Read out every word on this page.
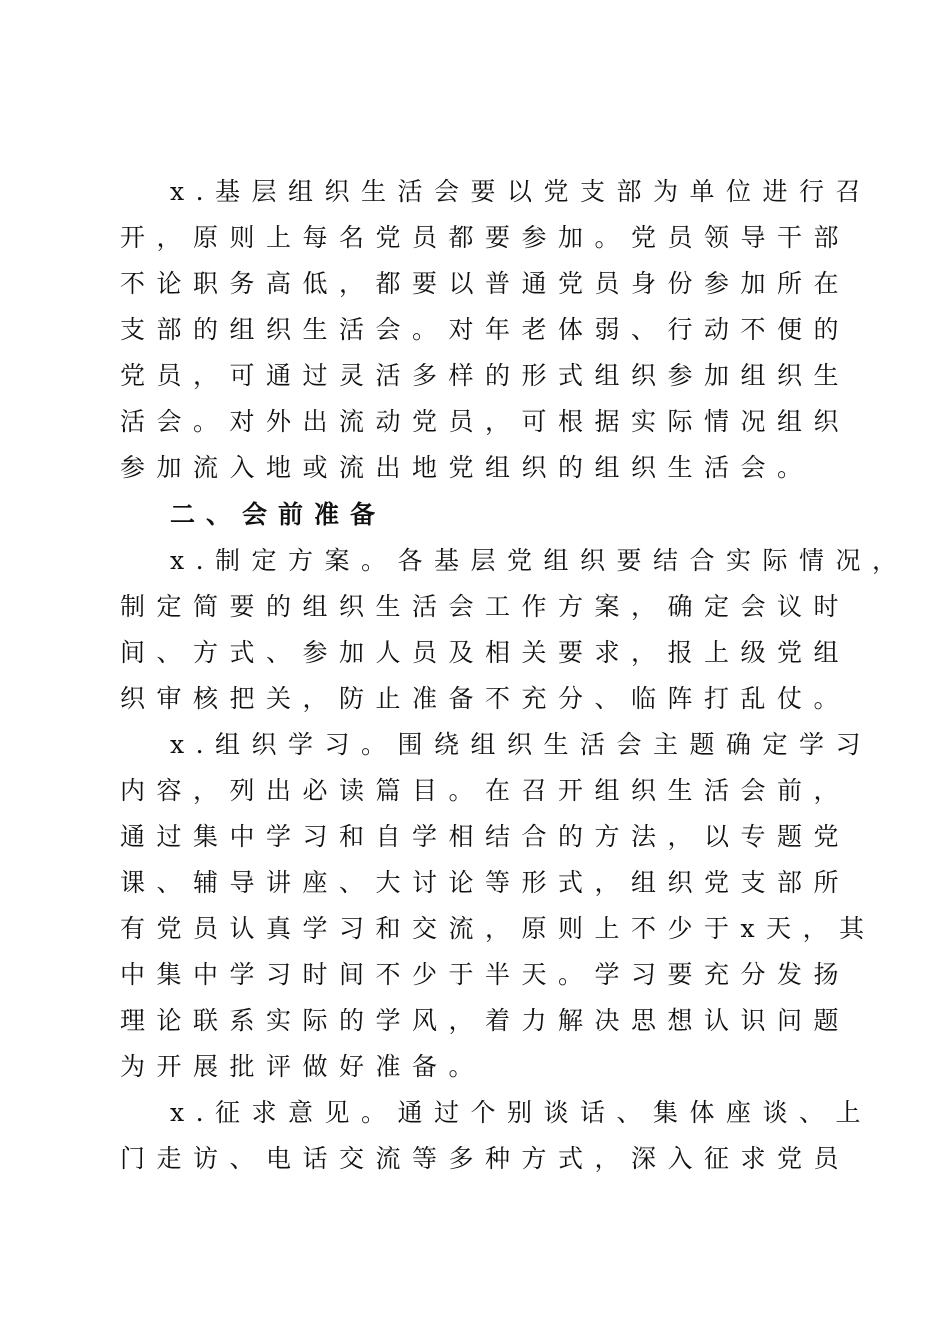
x.基层组织生活会要以党支部为单位进行召
开，原则上每名党员都要参加。党员领导干部
不论职务高低，都要以普通党员身份参加所在
支部的组织生活会。对年老体弱、行动不便的
党员，可通过灵活多样的形式组织参加组织生
活会。对外出流动党员，可根据实际情况组织
参加流入地或流出地党组织的组织生活会。
二、会前准备
x.制定方案。各基层党组织要结合实际情况，
制定简要的组织生活会工作方案，确定会议时
间、方式、参加人员及相关要求，报上级党组
织审核把关，防止准备不充分、临阵打乱仗。
x.组织学习。围绕组织生活会主题确定学习
内容，列出必读篇目。在召开组织生活会前，
通过集中学习和自学相结合的方法，以专题党
课、辅导讲座、大讨论等形式，组织党支部所
有党员认真学习和交流，原则上不少于x天，其
中集中学习时间不少于半天。学习要充分发扬
理论联系实际的学风，着力解决思想认识问题
为开展批评做好准备。
x.征求意见。通过个别谈话、集体座谈、上
门走访、电话交流等多种方式，深入征求党员
